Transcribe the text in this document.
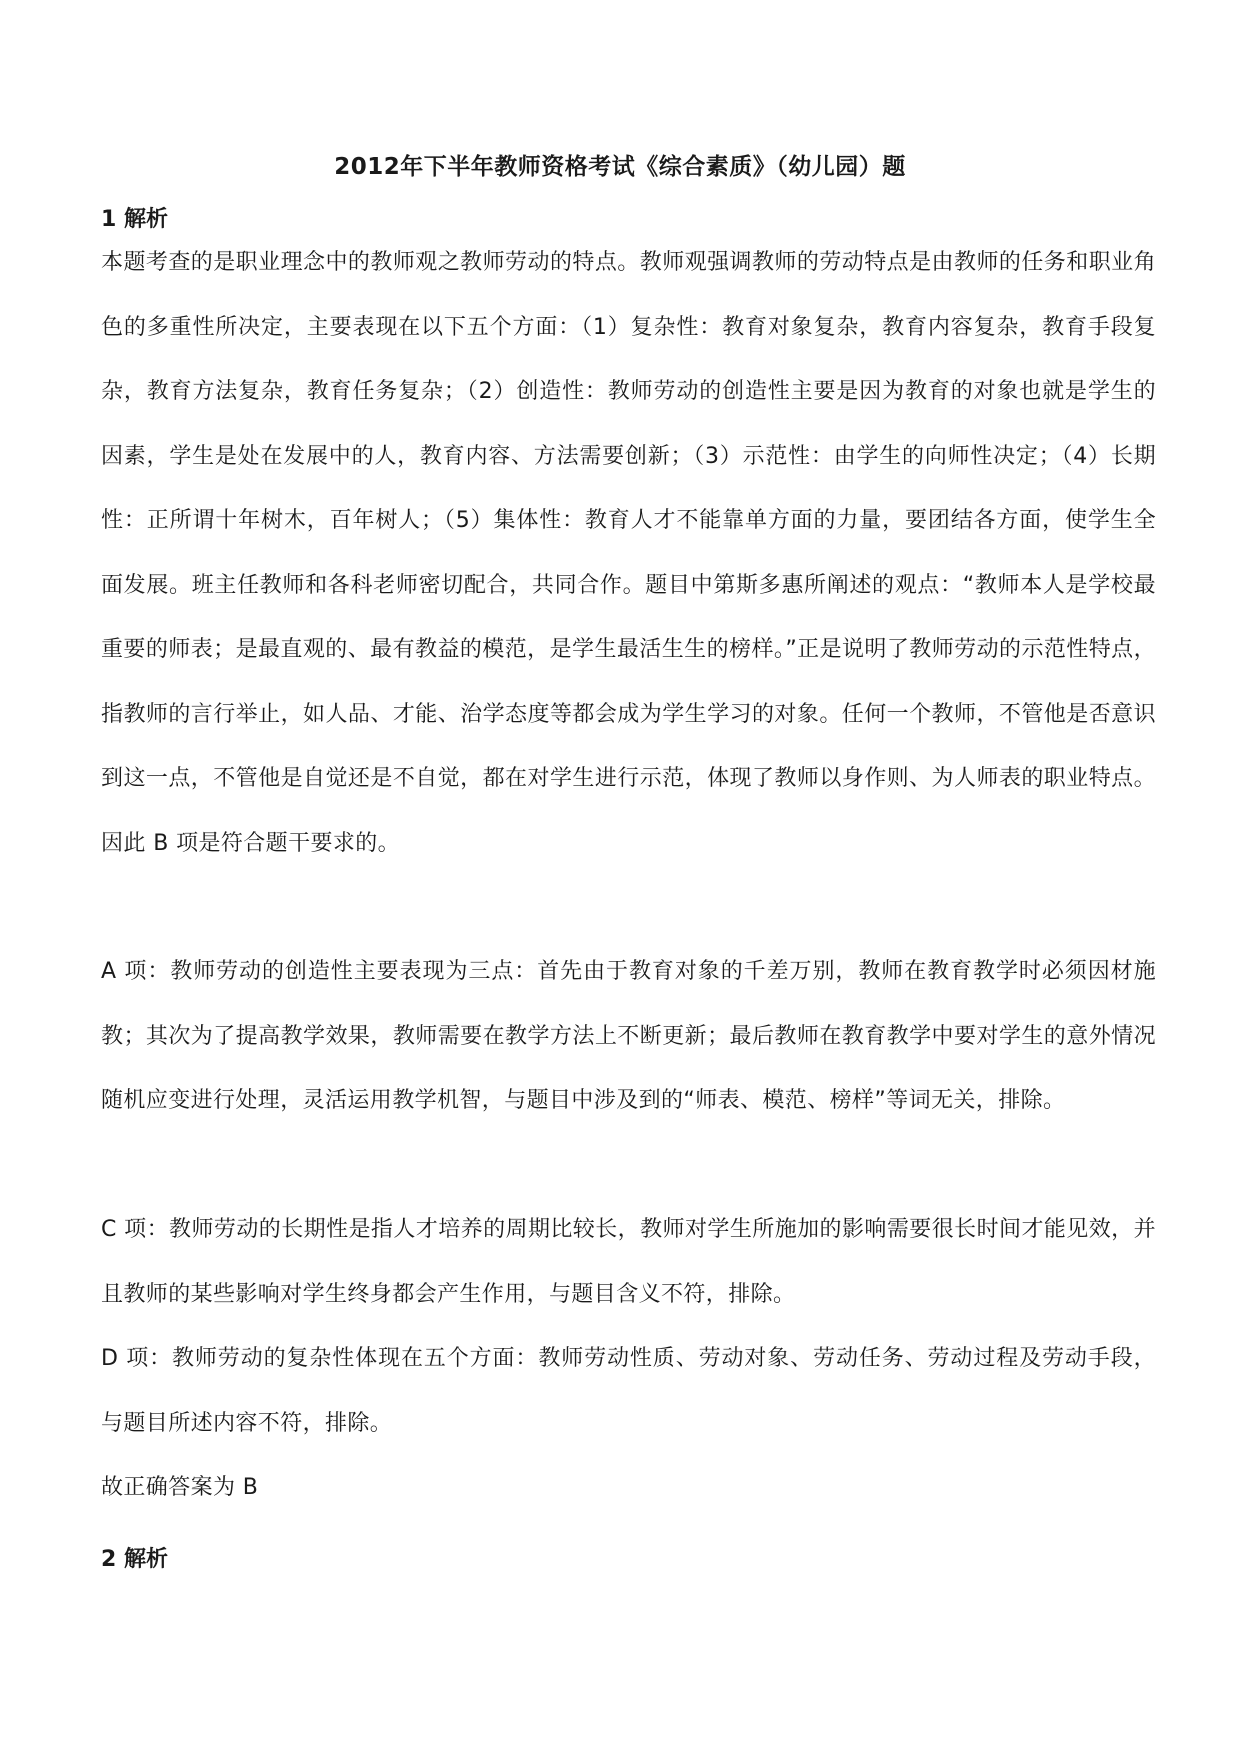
2012年下半年教师资格考试《综合素质》（幼儿园）题
1 解析

本题考查的是职业理念中的教师观之教师劳动的特点。教师观强调教师的劳动特点是由教师的任务和职业角色的多重性所决定，主要表现在以下五个方面：（1）复杂性：教育对象复杂，教育内容复杂，教育手段复杂，教育方法复杂，教育任务复杂；（2）创造性：教师劳动的创造性主要是因为教育的对象也就是学生的因素，学生是处在发展中的人，教育内容、方法需要创新；（3）示范性：由学生的向师性决定；（4）长期性：正所谓十年树木，百年树人；（5）集体性：教育人才不能靠单方面的力量，要团结各方面，使学生全面发展。班主任教师和各科老师密切配合，共同合作。题目中第斯多惠所阐述的观点：“教师本人是学校最重要的师表；是最直观的、最有教益的模范，是学生最活生生的榜样。”正是说明了教师劳动的示范性特点，指教师的言行举止，如人品、才能、治学态度等都会成为学生学习的对象。任何一个教师，不管他是否意识到这一点，不管他是自觉还是不自觉，都在对学生进行示范，体现了教师以身作则、为人师表的职业特点。因此 B 项是符合题干要求的。

A 项：教师劳动的创造性主要表现为三点：首先由于教育对象的千差万别，教师在教育教学时必须因材施教；其次为了提高教学效果，教师需要在教学方法上不断更新；最后教师在教育教学中要对学生的意外情况随机应变进行处理，灵活运用教学机智，与题目中涉及到的“师表、模范、榜样”等词无关，排除。

C 项：教师劳动的长期性是指人才培养的周期比较长，教师对学生所施加的影响需要很长时间才能见效，并且教师的某些影响对学生终身都会产生作用，与题目含义不符，排除。

D 项：教师劳动的复杂性体现在五个方面：教师劳动性质、劳动对象、劳动任务、劳动过程及劳动手段，与题目所述内容不符，排除。

故正确答案为 B

2 解析
